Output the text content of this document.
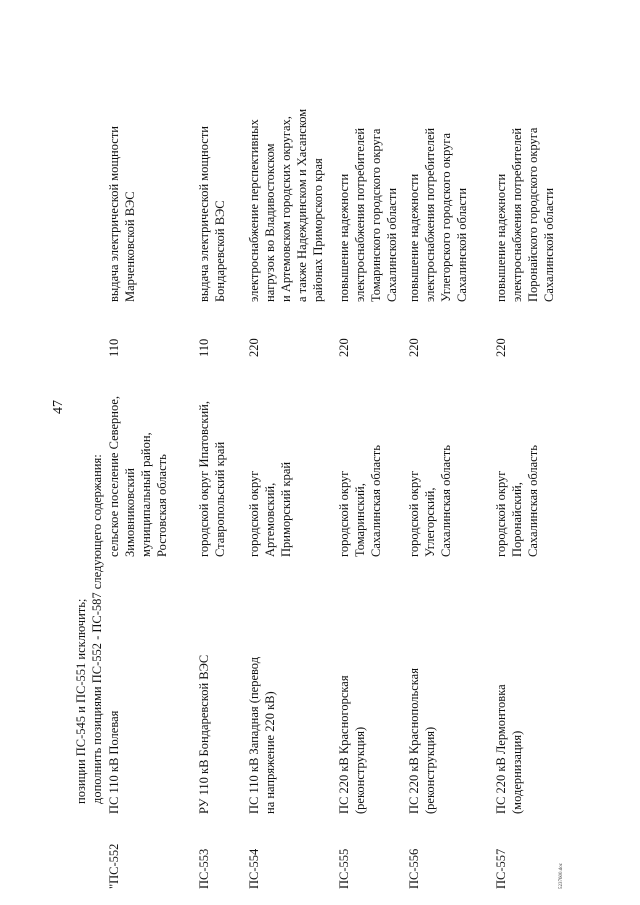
47
позиции ПС-545 и ПС-551 исключить; дополнить позициями ПС-552 - ПС-587 следующего содержания:
"ПС-552
ПС 110 кВ Полевая
сельское поселение Северное,
Зимовниковский
муниципальный район,
Ростовская область
110
выдача электрической мощности
Марченковской ВЭС
ПС-553
РУ 110 кВ Бондаревской ВЭС
городской округ Ипатовский,
Ставропольский край
110
выдача электрической мощности
Бондаревской ВЭС
ПС-554
ПС 110 кВ Западная (перевод
на напряжение 220 кВ)
городской округ
Артемовский,
Приморский край
220
электроснабжение перспективных
нагрузок во Владивостокском
и Артемовском городских округах,
а также Надеждинском и Хасанском
районах Приморского края
ПС-555
ПС 220 кВ Красногорская
(реконструкция)
городской округ
Томаринский,
Сахалинская область
220
повышение надежности
электроснабжения потребителей
Томаринского городского округа
Сахалинской области
ПС-556
ПС 220 кВ Краснопольская
(реконструкция)
городской округ
Углегорский,
Сахалинская область
220
повышение надежности
электроснабжения потребителей
Углегорского городского округа
Сахалинской области
ПС-557
ПС 220 кВ Лермонтовка
(модернизация)
городской округ
Поронайский,
Сахалинская область
220
повышение надежности
электроснабжения потребителей
Поронайского городского округа
Сахалинской области
5237600.doc
